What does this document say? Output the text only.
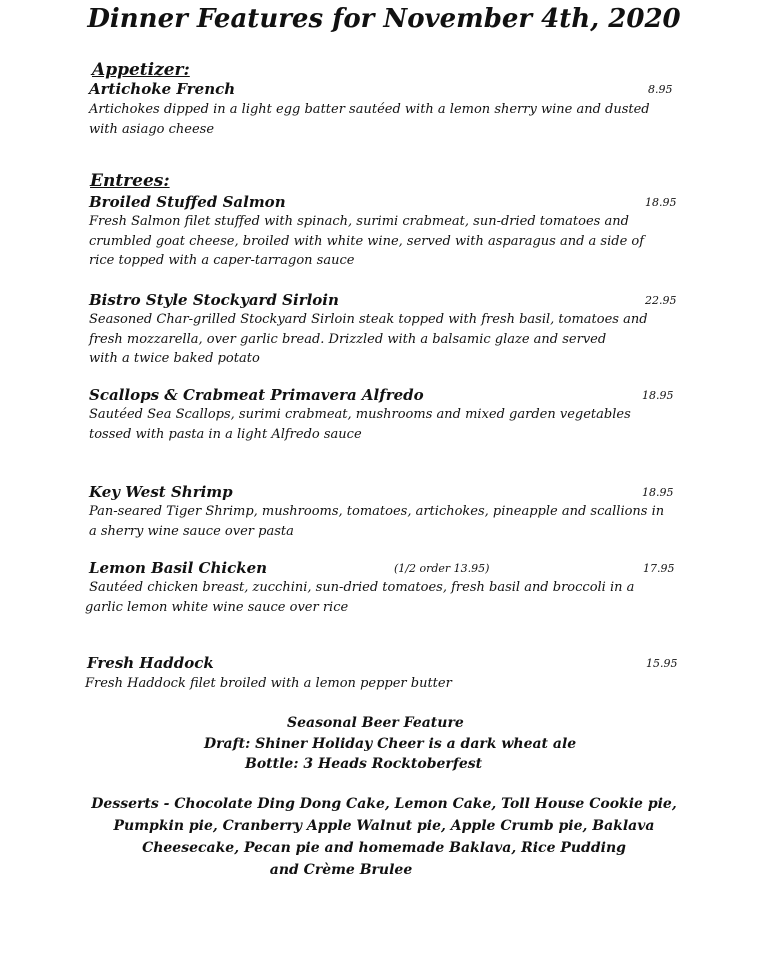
Dinner Features for November 4th, 2020
Appetizer:
Artichoke French	8.95
Artichokes dipped in a light egg batter sautéed with a lemon sherry wine and dusted
with asiago cheese
Entrees:
Broiled Stuffed Salmon	18.95
Fresh Salmon filet stuffed with spinach, surimi crabmeat, sun-dried tomatoes and
crumbled goat cheese, broiled with white wine, served with asparagus and a side of
rice topped with a caper-tarragon sauce
Bistro Style Stockyard Sirloin	22.95
Seasoned Char-grilled Stockyard Sirloin steak topped with fresh basil, tomatoes and
fresh mozzarella, over garlic bread. Drizzled with a balsamic glaze and served
with a twice baked potato
Scallops & Crabmeat Primavera Alfredo	18.95
Sautéed Sea Scallops, surimi crabmeat, mushrooms and mixed garden vegetables
tossed with pasta in a light Alfredo sauce
Key West Shrimp	18.95
Pan-seared Tiger Shrimp, mushrooms, tomatoes, artichokes, pineapple and scallions in
a sherry wine sauce over pasta
Lemon Basil Chicken	(1/2 order 13.95)	17.95
Sautéed chicken breast, zucchini, sun-dried tomatoes, fresh basil and broccoli in a
garlic lemon white wine sauce over rice
Fresh Haddock	15.95
Fresh Haddock filet broiled with a lemon pepper butter
Seasonal Beer Feature
Draft: Shiner Holiday Cheer is a dark wheat ale
Bottle: 3 Heads Rocktoberfest
Desserts - Chocolate Ding Dong Cake, Lemon Cake, Toll House Cookie pie,
Pumpkin pie, Cranberry Apple Walnut pie, Apple Crumb pie, Baklava
Cheesecake, Pecan pie and homemade Baklava, Rice Pudding
and Crème Brulee
